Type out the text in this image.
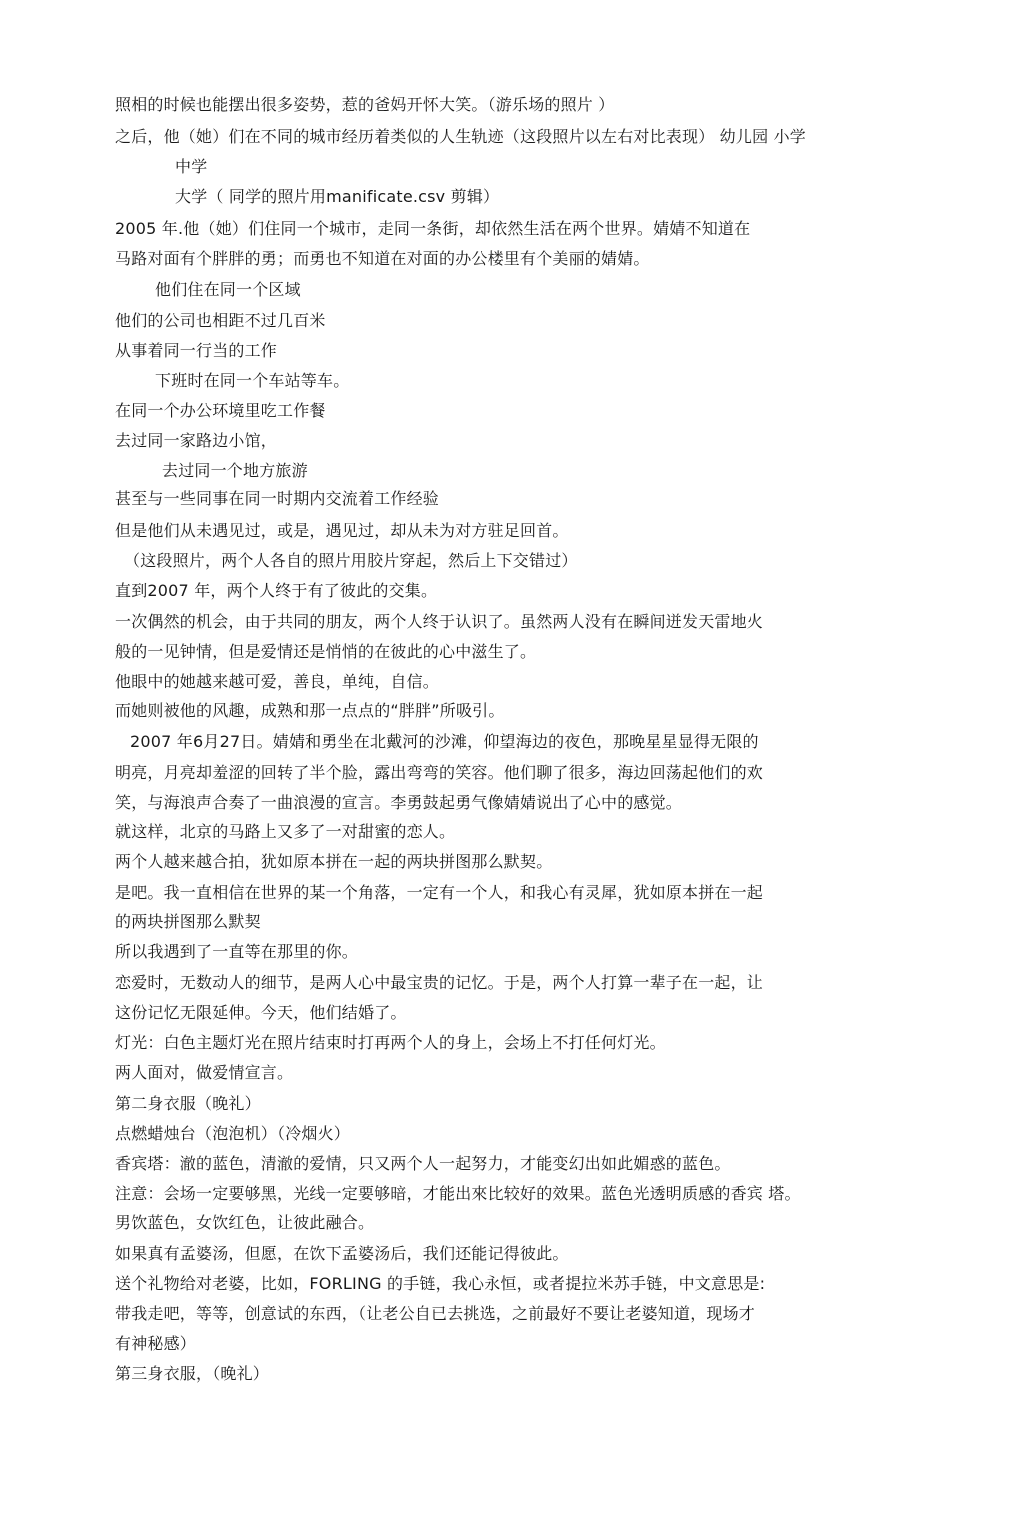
照相的时候也能摆出很多姿势，惹的爸妈开怀大笑。（游乐场的照片 ）

之后，他（她）们在不同的城市经历着类似的人生轨迹（这段照片以左右对比表现） 幼儿园 小学

中学

大学（ 同学的照片用manificate.csv 剪辑）

2005 年.他（她）们住同一个城市，走同一条街，却依然生活在两个世界。婧婧不知道在

马路对面有个胖胖的勇；而勇也不知道在对面的办公楼里有个美丽的婧婧。

他们住在同一个区域

他们的公司也相距不过几百米

从事着同一行当的工作

下班时在同一个车站等车。

在同一个办公环境里吃工作餐

去过同一家路边小馆，

去过同一个地方旅游

甚至与一些同事在同一时期内交流着工作经验

但是他们从未遇见过，或是，遇见过，却从未为对方驻足回首。

（这段照片，两个人各自的照片用胶片穿起，然后上下交错过）

直到2007 年，两个人终于有了彼此的交集。

一次偶然的机会，由于共同的朋友，两个人终于认识了。虽然两人没有在瞬间迸发天雷地火

般的一见钟情，但是爱情还是悄悄的在彼此的心中滋生了。

他眼中的她越来越可爱，善良，单纯，自信。

而她则被他的风趣，成熟和那一点点的“胖胖”所吸引。

2007 年6月27日。婧婧和勇坐在北戴河的沙滩，仰望海边的夜色，那晚星星显得无限的

明亮，月亮却羞涩的回转了半个脸，露出弯弯的笑容。他们聊了很多，海边回荡起他们的欢

笑，与海浪声合奏了一曲浪漫的宣言。李勇鼓起勇气像婧婧说出了心中的感觉。

就这样，北京的马路上又多了一对甜蜜的恋人。

两个人越来越合拍，犹如原本拼在一起的两块拼图那么默契。

是吧。我一直相信在世界的某一个角落，一定有一个人，和我心有灵犀，犹如原本拼在一起

的两块拼图那么默契

所以我遇到了一直等在那里的你。

恋爱时，无数动人的细节，是两人心中最宝贵的记忆。于是，两个人打算一辈子在一起，让

这份记忆无限延伸。今天，他们结婚了。

灯光：白色主题灯光在照片结束时打再两个人的身上，会场上不打任何灯光。

两人面对，做爱情宣言。

第二身衣服（晚礼）

点燃蜡烛台（泡泡机）（冷烟火）

香宾塔：澈的蓝色，清澈的爱情，只又两个人一起努力，才能变幻出如此媚惑的蓝色。

注意：会场一定要够黑，光线一定要够暗，才能出來比较好的效果。蓝色光透明质感的香宾 塔。

男饮蓝色，女饮红色，让彼此融合。

如果真有孟婆汤，但愿，在饮下孟婆汤后，我们还能记得彼此。

送个礼物给对老婆，比如，FORLING 的手链，我心永恒，或者提拉米苏手链，中文意思是:

带我走吧，等等，创意试的东西，（让老公自已去挑选，之前最好不要让老婆知道，现场才

有神秘感）

第三身衣服，（晚礼）
